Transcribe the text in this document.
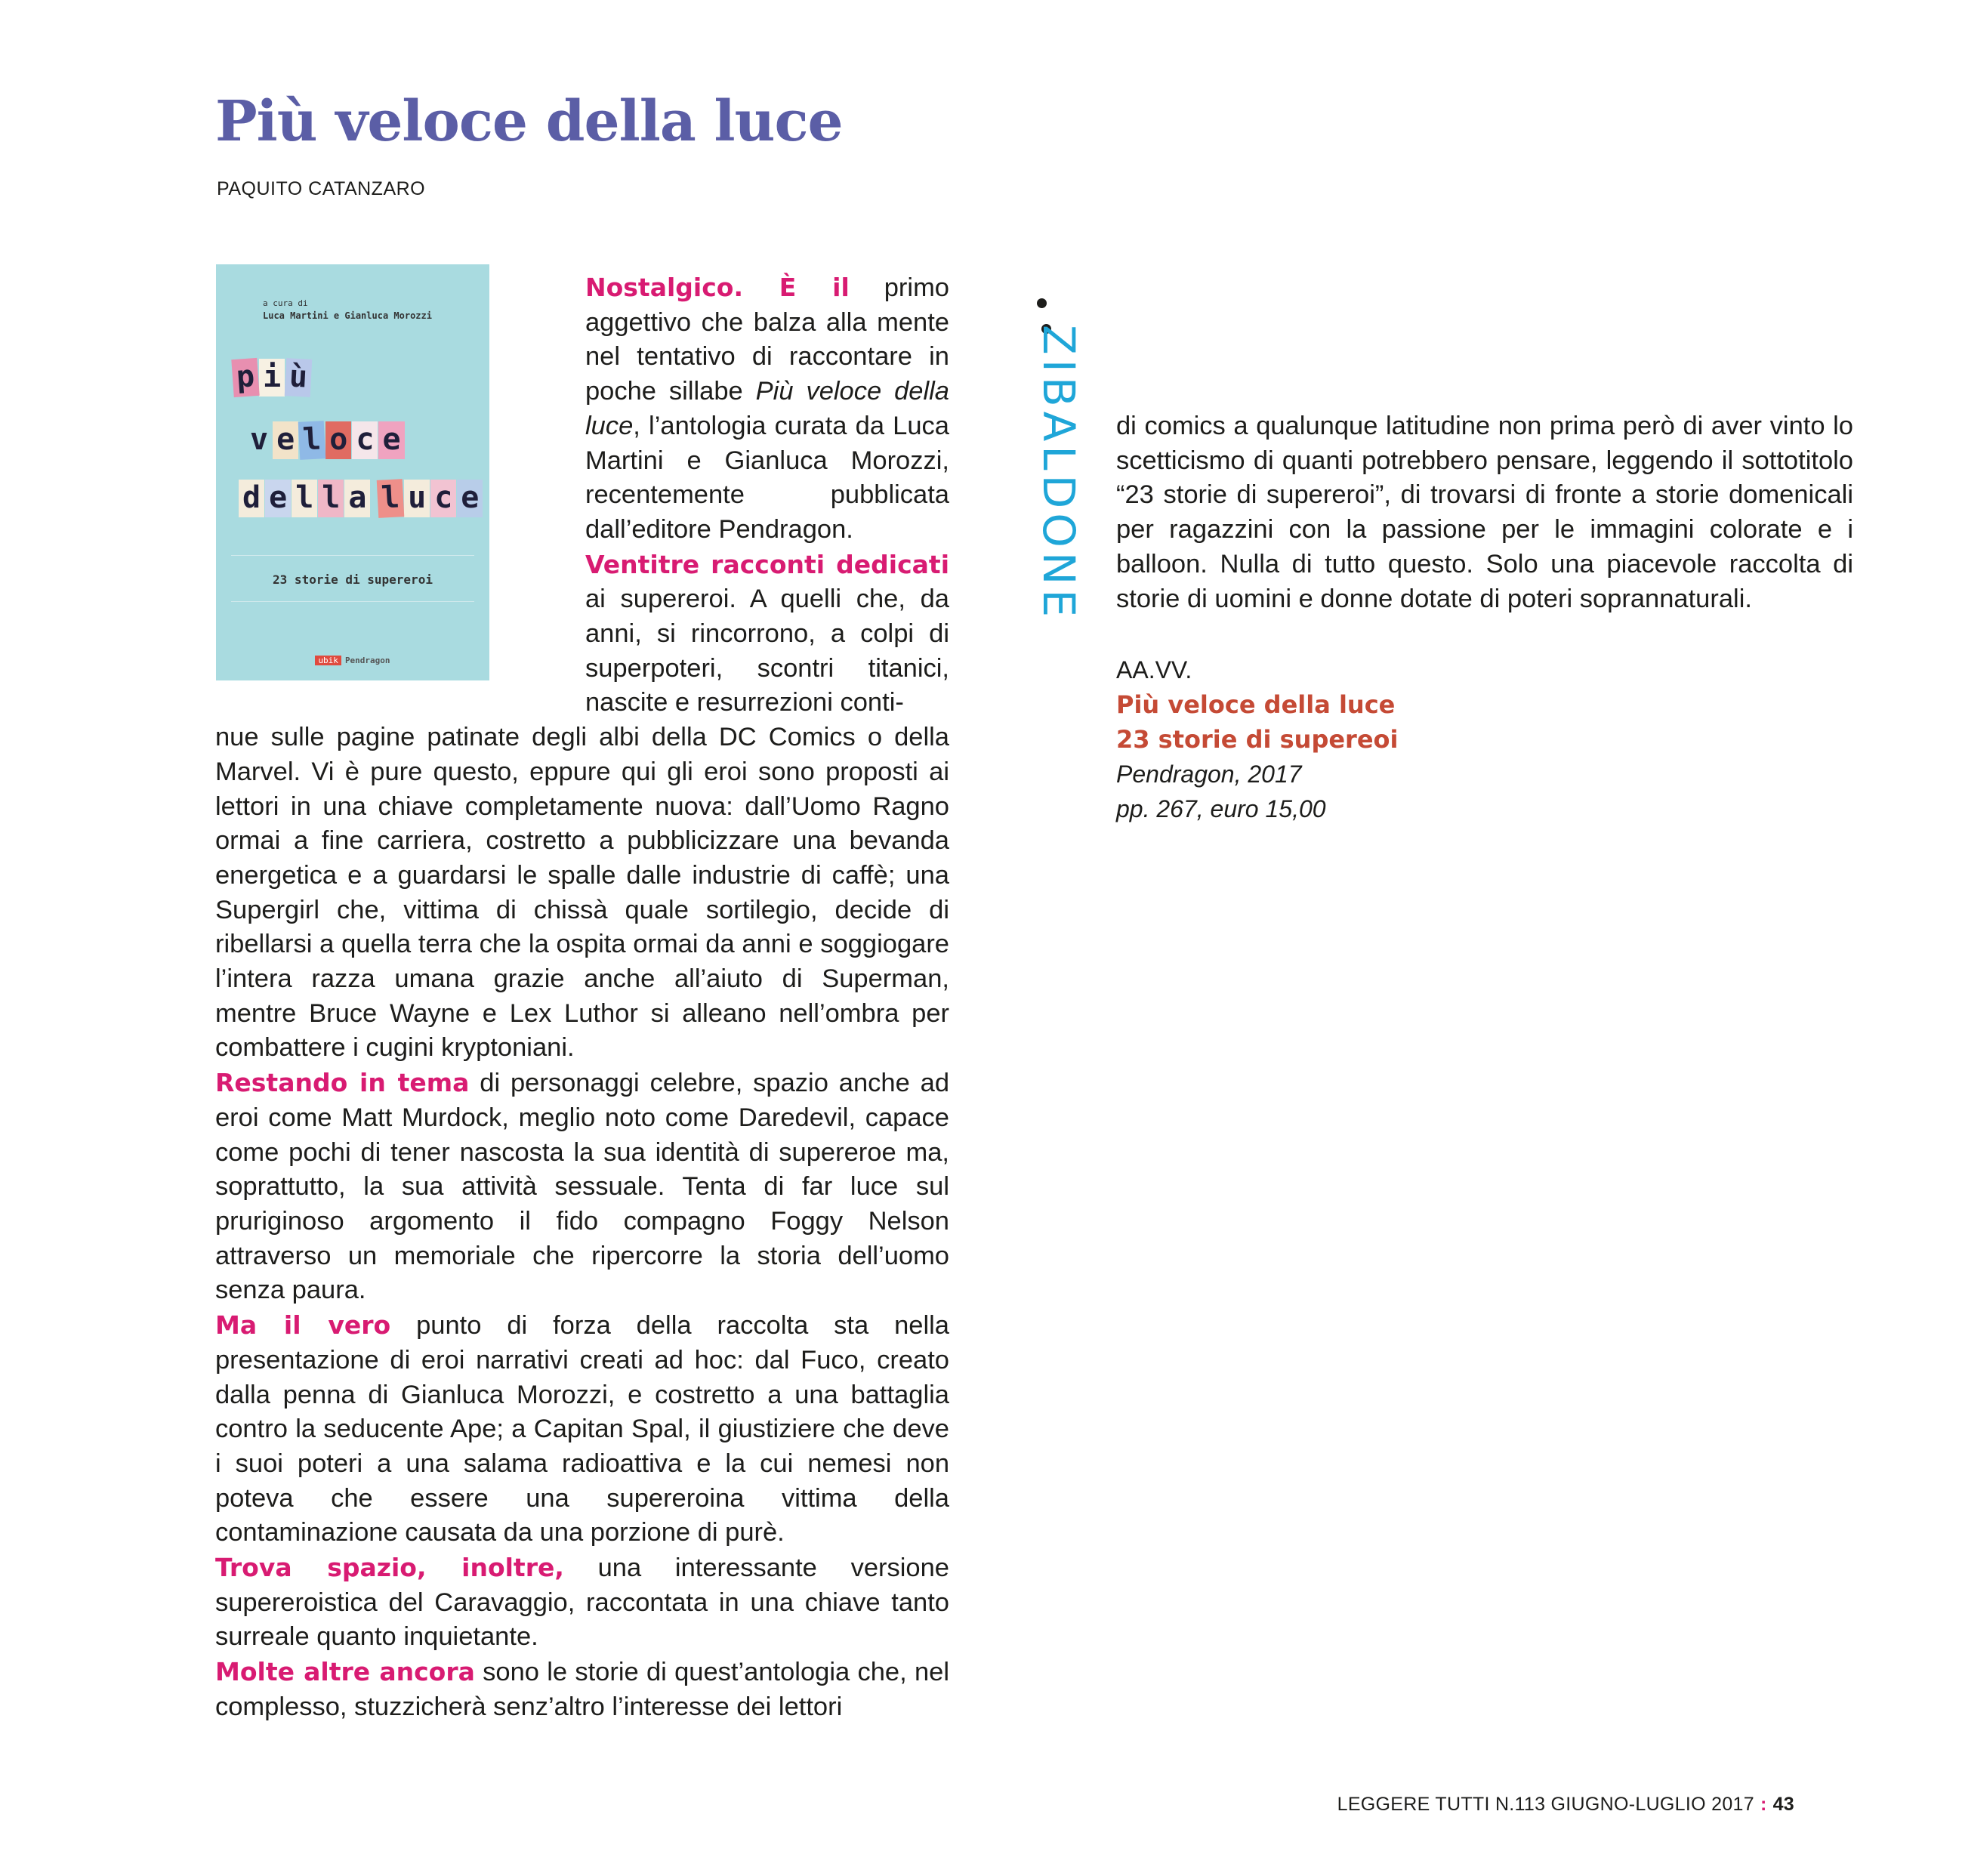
Più veloce della luce
PAQUITO CATANZARO
a cura di
Luca Martini e Gianluca Morozzi
p i ù
v e l o c e
d e l l a l u c e
23 storie di supereroi
ubik Pendragon

Nostalgico. È il primo aggettivo che balza alla mente nel tentativo di raccontare in poche sillabe Più veloce della luce, l’antologia curata da Luca Martini e Gianluca Morozzi, recentemente pubblicata dall’editore Pendragon.

Ventitre racconti dedicati ai supereroi. A quelli che, da anni, si rincorrono, a colpi di superpoteri, scontri titanici, nascite e resurrezioni conti-

nue sulle pagine patinate degli albi della DC Comics o della Marvel. Vi è pure questo, eppure qui gli eroi sono proposti ai lettori in una chiave completamente nuova: dall’Uomo Ragno ormai a fine carriera, costretto a pubblicizzare una bevanda energetica e a guardarsi le spalle dalle industrie di caffè; una Supergirl che, vittima di chissà quale sortilegio, decide di ribellarsi a quella terra che la ospita ormai da anni e soggiogare l’intera razza umana grazie anche all’aiuto di Superman, mentre Bruce Wayne e Lex Luthor si alleano nell’ombra per combattere i cugini kryptoniani.

Restando in tema di personaggi celebre, spazio anche ad eroi come Matt Murdock, meglio noto come Daredevil, capace come pochi di tener nascosta la sua identità di supereroe ma, soprattutto, la sua attività sessuale. Tenta di far luce sul pruriginoso argomento il fido compagno Foggy Nelson attraverso un memoriale che ripercorre la storia dell’uomo senza paura.

Ma il vero punto di forza della raccolta sta nella presentazione di eroi narrativi creati ad hoc: dal Fuco, creato dalla penna di Gianluca Morozzi, e costretto a una battaglia contro la seducente Ape; a Capitan Spal, il giustiziere che deve i suoi poteri a una salama radioattiva e la cui nemesi non poteva che essere una supereroina vittima della contaminazione causata da una porzione di purè.

Trova spazio, inoltre, una interessante versione supereroistica del Caravaggio, raccontata in una chiave tanto surreale quanto inquietante.

Molte altre ancora sono le storie di quest’antologia che, nel complesso, stuzzicherà senz’altro l’interesse dei lettori

ZIBALDONE di comics a qualunque latitudine non prima però di aver vinto lo scetticismo di quanti potrebbero pensare, leggendo il sottotitolo “23 storie di supereroi”, di trovarsi di fronte a storie domenicali per ragazzini con la passione per le immagini colorate e i balloon. Nulla di tutto questo. Solo una piacevole raccolta di storie di uomini e donne dotate di poteri soprannaturali.

AA.VV.
Più veloce della luce
23 storie di supereoi
Pendragon, 2017
pp. 267, euro 15,00
LEGGERE TUTTI N.113 GIUGNO-LUGLIO 2017 : 43
